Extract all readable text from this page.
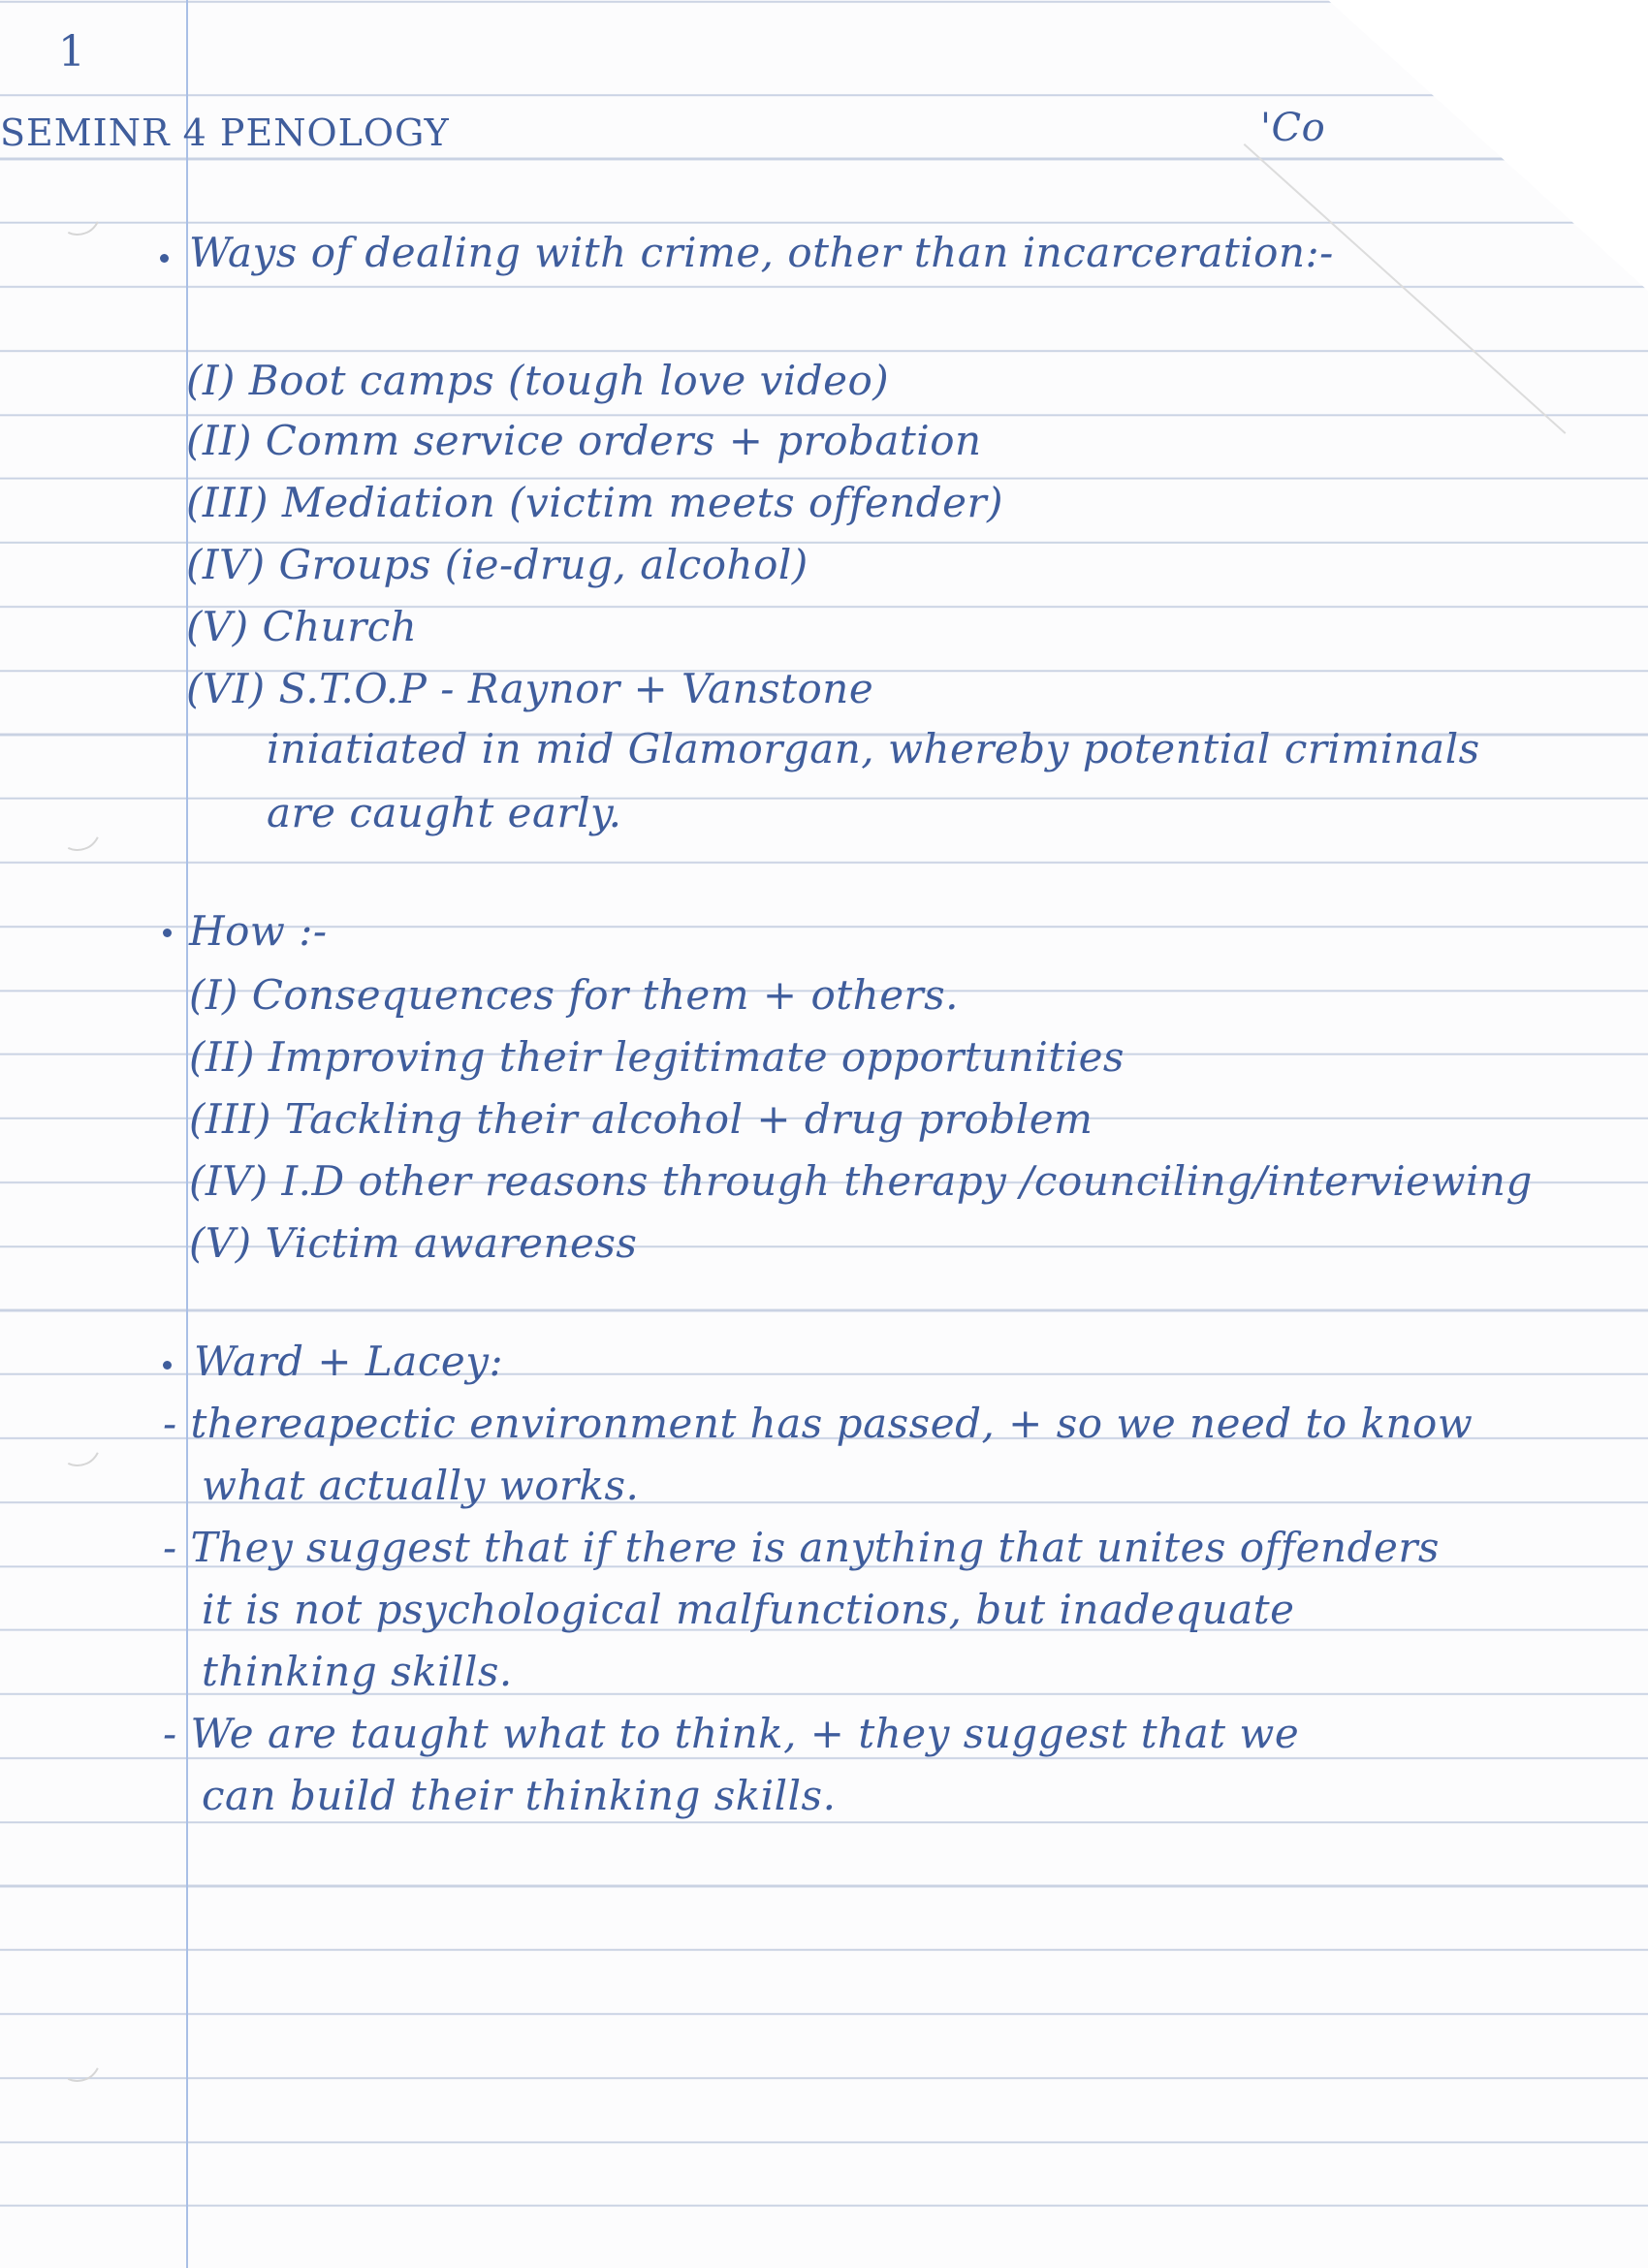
1
SEMINR 4 PENOLOGY	'Co
Ways of dealing with crime, other than incarceration:-
(I) Boot camps (tough love video)
(II) Comm service orders + probation
(III) Mediation (victim meets offender)
(IV) Groups (ie-drug, alcohol)
(V) Church
(VI) S.T.O.P - Raynor + Vanstone
iniatiated in mid Glamorgan, whereby potential criminals
are caught early.
How :-
(I) Consequences for them + others.
(II) Improving their legitimate opportunities
(III) Tackling their alcohol + drug problem
(IV) I.D other reasons through therapy /counciling/interviewing
(V) Victim awareness
Ward + Lacey:
- thereapectic environment has passed, + so we need to know
what actually works.
- They suggest that if there is anything that unites offenders
it is not psychological malfunctions, but inadequate
thinking skills.
- We are taught what to think, + they suggest that we
can build their thinking skills.
